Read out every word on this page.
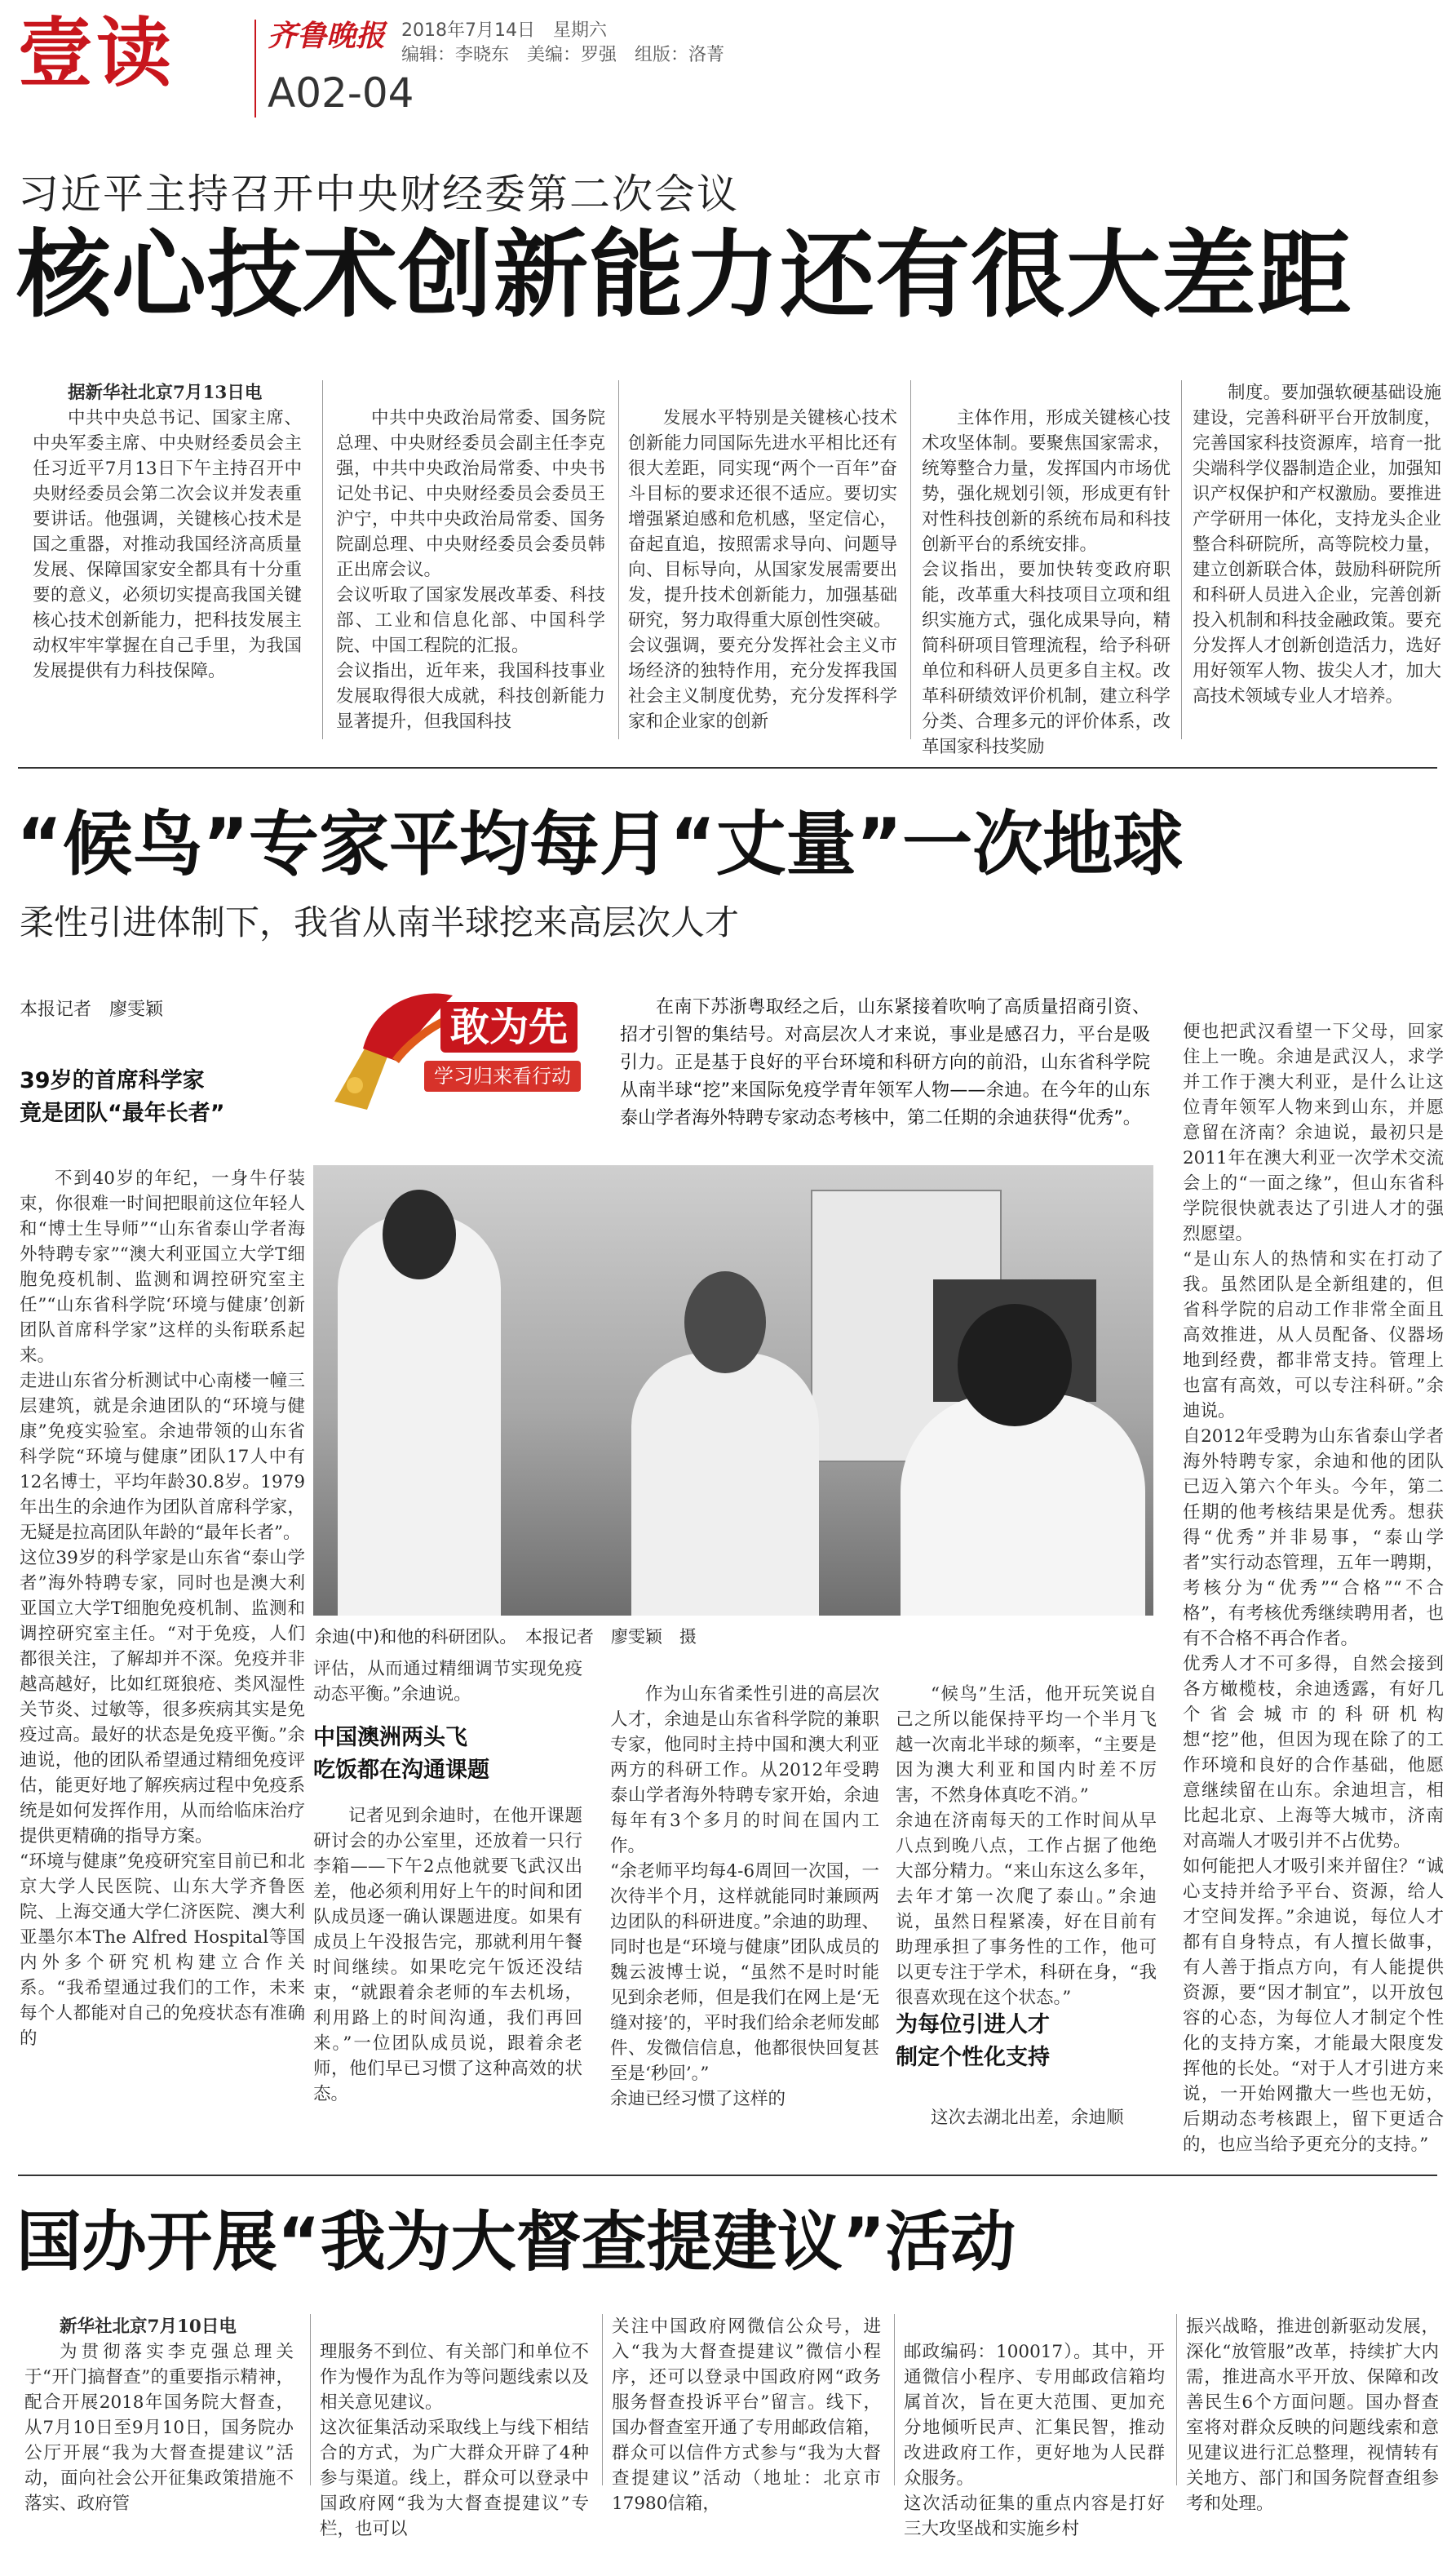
壹读	齐鲁晚报
A02-04
2018年7月14日　 星期六
编辑：李晓东　美编：罗强　组版：洛菁
习近平主持召开中央财经委第二次会议
核心技术创新能力还有很大差距

据新华社北京7月13日电

中共中央总书记、国家主席、中央军委主席、中央财经委员会主任习近平7月13日下午主持召开中央财经委员会第二次会议并发表重要讲话。他强调，关键核心技术是国之重器，对推动我国经济高质量发展、保障国家安全都具有十分重要的意义，必须切实提高我国关键核心技术创新能力，把科技发展主动权牢牢掌握在自己手里，为我国发展提供有力科技保障。

中共中央政治局常委、国务院总理、中央财经委员会副主任李克强，中共中央政治局常委、中央书记处书记、中央财经委员会委员王沪宁，中共中央政治局常委、国务院副总理、中央财经委员会委员韩正出席会议。
会议听取了国家发展改革委、科技部、工业和信息化部、中国科学院、中国工程院的汇报。
会议指出，近年来，我国科技事业发展取得很大成就，科技创新能力显著提升，但我国科技

发展水平特别是关键核心技术创新能力同国际先进水平相比还有很大差距，同实现“两个一百年”奋斗目标的要求还很不适应。要切实增强紧迫感和危机感，坚定信心，奋起直追，按照需求导向、问题导向、目标导向，从国家发展需要出发，提升技术创新能力，加强基础研究，努力取得重大原创性突破。
会议强调，要充分发挥社会主义市场经济的独特作用，充分发挥我国社会主义制度优势，充分发挥科学家和企业家的创新

主体作用，形成关键核心技术攻坚体制。要聚焦国家需求，统筹整合力量，发挥国内市场优势，强化规划引领，形成更有针对性科技创新的系统布局和科技创新平台的系统安排。
会议指出，要加快转变政府职能，改革重大科技项目立项和组织实施方式，强化成果导向，精简科研项目管理流程，给予科研单位和科研人员更多自主权。改革科研绩效评价机制，建立科学分类、合理多元的评价体系，改革国家科技奖励

制度。要加强软硬基础设施建设，完善科研平台开放制度，完善国家科技资源库，培育一批尖端科学仪器制造企业，加强知识产权保护和产权激励。要推进产学研用一体化，支持龙头企业整合科研院所，高等院校力量，建立创新联合体，鼓励科研院所和科研人员进入企业，完善创新投入机制和科技金融政策。要充分发挥人才创新创造活力，选好用好领军人物、拔尖人才，加大高技术领域专业人才培养。

“候鸟”专家平均每月“丈量”一次地球
柔性引进体制下，我省从南半球挖来高层次人才
本报记者　廖雯颖	敢为先
学习归来看行动

在南下苏浙粤取经之后，山东紧接着吹响了高质量招商引资、招才引智的集结号。对高层次人才来说，事业是感召力，平台是吸引力。正是基于良好的平台环境和科研方向的前沿，山东省科学院从南半球“挖”来国际免疫学青年领军人物——余迪。在今年的山东泰山学者海外特聘专家动态考核中，第二任期的余迪获得“优秀”。

39岁的首席科学家
竟是团队“最年长者”

不到40岁的年纪，一身牛仔装束，你很难一时间把眼前这位年轻人和“博士生导师”“山东省泰山学者海外特聘专家”“澳大利亚国立大学T细胞免疫机制、监测和调控研究室主任”“山东省科学院‘环境与健康’创新团队首席科学家”这样的头衔联系起来。
走进山东省分析测试中心南楼一幢三层建筑，就是余迪团队的“环境与健康”免疫实验室。余迪带领的山东省科学院“环境与健康”团队17人中有12名博士，平均年龄30.8岁。1979年出生的余迪作为团队首席科学家，无疑是拉高团队年龄的“最年长者”。
这位39岁的科学家是山东省“泰山学者”海外特聘专家，同时也是澳大利亚国立大学T细胞免疫机制、监测和调控研究室主任。“对于免疫，人们都很关注，了解却并不深。免疫并非越高越好，比如红斑狼疮、类风湿性关节炎、过敏等，很多疾病其实是免疫过高。最好的状态是免疫平衡。”余迪说，他的团队希望通过精细免疫评估，能更好地了解疾病过程中免疫系统是如何发挥作用，从而给临床治疗提供更精确的指导方案。
“环境与健康”免疫研究室目前已和北京大学人民医院、山东大学齐鲁医院、上海交通大学仁济医院、澳大利亚墨尔本The Alfred Hospital等国内外多个研究机构建立合作关系。“我希望通过我们的工作，未来每个人都能对自己的免疫状态有准确的

余迪(中)和他的科研团队。　本报记者　廖雯颖　摄

评估，从而通过精细调节实现免疫动态平衡。”余迪说。

中国澳洲两头飞
吃饭都在沟通课题

记者见到余迪时，在他开课题研讨会的办公室里，还放着一只行李箱——下午2点他就要飞武汉出差，他必须利用好上午的时间和团队成员逐一确认课题进度。如果有成员上午没报告完，那就利用午餐时间继续。如果吃完午饭还没结束，“就跟着余老师的车去机场，利用路上的时间沟通，我们再回来。”一位团队成员说，跟着余老师，他们早已习惯了这种高效的状态。

作为山东省柔性引进的高层次人才，余迪是山东省科学院的兼职专家，他同时主持中国和澳大利亚两方的科研工作。从2012年受聘泰山学者海外特聘专家开始，余迪每年有3个多月的时间在国内工作。
“余老师平均每4-6周回一次国，一次待半个月，这样就能同时兼顾两边团队的科研进度。”余迪的助理、同时也是“环境与健康”团队成员的魏云波博士说，“虽然不是时时能见到余老师，但是我们在网上是‘无缝对接’的，平时我们给余老师发邮件、发微信信息，他都很快回复甚至是‘秒回’。”
余迪已经习惯了这样的

“候鸟”生活，他开玩笑说自己之所以能保持平均一个半月飞越一次南北半球的频率，“主要是因为澳大利亚和国内时差不厉害，不然身体真吃不消。”
余迪在济南每天的工作时间从早八点到晚八点，工作占据了他绝大部分精力。“来山东这么多年，去年才第一次爬了泰山。”余迪说，虽然日程紧凑，好在目前有助理承担了事务性的工作，他可以更专注于学术，科研在身，“我很喜欢现在这个状态。”

为每位引进人才
制定个性化支持

这次去湖北出差，余迪顺

便也把武汉看望一下父母，回家住上一晚。余迪是武汉人，求学并工作于澳大利亚，是什么让这位青年领军人物来到山东，并愿意留在济南？余迪说，最初只是2011年在澳大利亚一次学术交流会上的“一面之缘”，但山东省科学院很快就表达了引进人才的强烈愿望。
“是山东人的热情和实在打动了我。虽然团队是全新组建的，但省科学院的启动工作非常全面且高效推进，从人员配备、仪器场地到经费，都非常支持。管理上也富有高效，可以专注科研。”余迪说。
自2012年受聘为山东省泰山学者海外特聘专家，余迪和他的团队已迈入第六个年头。今年，第二任期的他考核结果是优秀。想获得“优秀”并非易事，“泰山学者”实行动态管理，五年一聘期，考核分为“优秀”“合格”“不合格”，有考核优秀继续聘用者，也有不合格不再合作者。
优秀人才不可多得，自然会接到各方橄榄枝，余迪透露，有好几个省会城市的科研机构想“挖”他，但因为现在除了的工作环境和良好的合作基础，他愿意继续留在山东。余迪坦言，相比起北京、上海等大城市，济南对高端人才吸引并不占优势。
如何能把人才吸引来并留住？“诚心支持并给予平台、资源，给人才空间发挥。”余迪说，每位人才都有自身特点，有人擅长做事，有人善于指点方向，有人能提供资源，要“因才制宜”，以开放包容的心态，为每位人才制定个性化的支持方案，才能最大限度发挥他的长处。“对于人才引进方来说，一开始网撒大一些也无妨，后期动态考核跟上，留下更适合的，也应当给予更充分的支持。”

国办开展“我为大督查提建议”活动

新华社北京7月10日电

为贯彻落实李克强总理关于“开门搞督查”的重要指示精神，配合开展2018年国务院大督查，从7月10日至9月10日，国务院办公厅开展“我为大督查提建议”活动，面向社会公开征集政策措施不落实、政府管

理服务不到位、有关部门和单位不作为慢作为乱作为等问题线索以及相关意见建议。
这次征集活动采取线上与线下相结合的方式，为广大群众开辟了4种参与渠道。线上，群众可以登录中国政府网“我为大督查提建议”专栏，也可以

关注中国政府网微信公众号，进入“我为大督查提建议”微信小程序，还可以登录中国政府网“政务服务督查投诉平台”留言。线下，国办督查室开通了专用邮政信箱，群众可以信件方式参与“我为大督查提建议”活动（地址：北京市17980信箱，

邮政编码：100017）。其中，开通微信小程序、专用邮政信箱均属首次，旨在更大范围、更加充分地倾听民声、汇集民智，推动改进政府工作，更好地为人民群众服务。
这次活动征集的重点内容是打好三大攻坚战和实施乡村

振兴战略，推进创新驱动发展，深化“放管服”改革，持续扩大内需，推进高水平开放、保障和改善民生6个方面问题。国办督查室将对群众反映的问题线索和意见建议进行汇总整理，视情转有关地方、部门和国务院督查组参考和处理。
